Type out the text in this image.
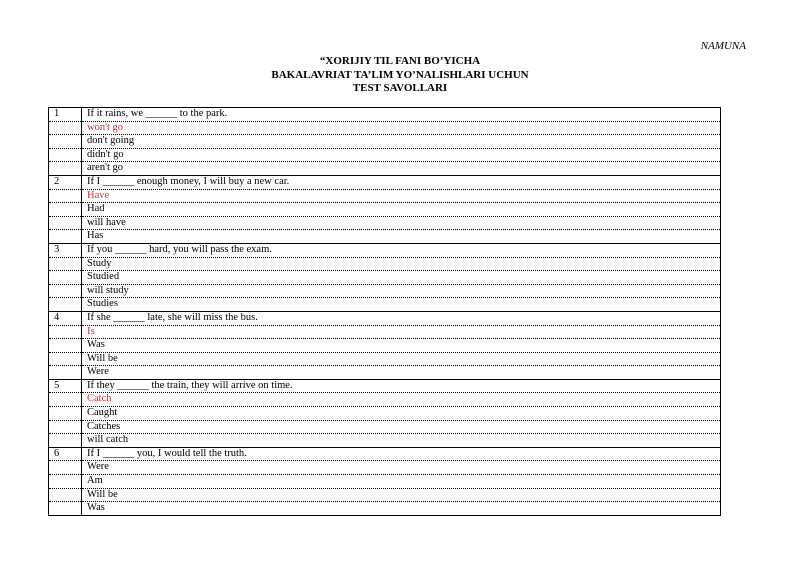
NAMUNA
“XORIJIY TIL FANI BO’YICHA
BAKALAVRIAT TA’LIM YO’NALISHLARI UCHUN
TEST SAVOLLARI
1	If it rains, we ______ to the park.
	won't go
	don't going
	didn't go
	aren't go
2	If I ______ enough money, I will buy a new car.
	Have
	Had
	will have
	Has
3	If you ______ hard, you will pass the exam.
	Study
	Studied
	will study
	Studies
4	If she ______ late, she will miss the bus.
	Is
	Was
	Will be
	Were
5	If they ______ the train, they will arrive on time.
	Catch
	Caught
	Catches
	will catch
6	If I ______ you, I would tell the truth.
	Were
	Am
	Will be
	Was
